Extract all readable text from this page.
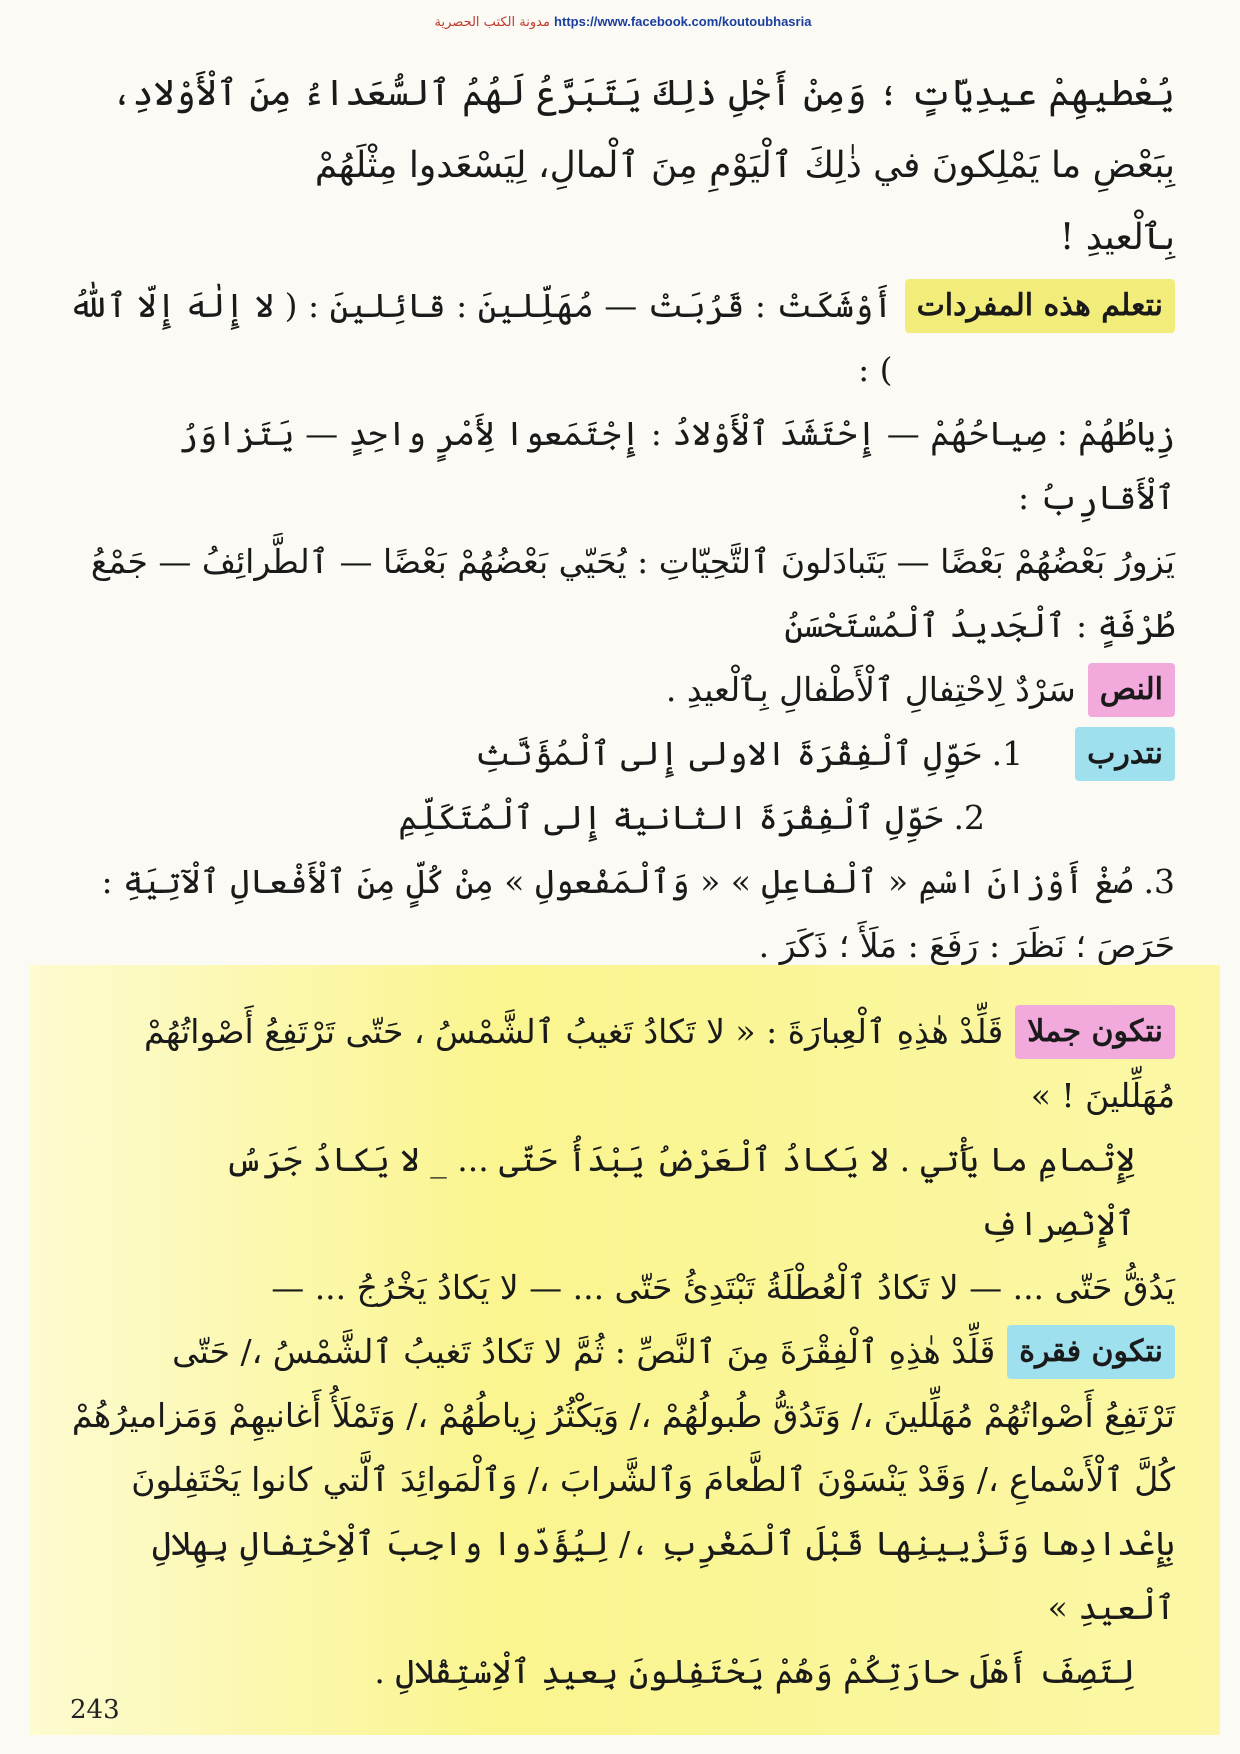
https://www.facebook.com/koutoubhasria مدونة الكتب الحصرية

يُعْطيهِمْ عيدِيّاتٍ ؛ وَمِنْ أَجْلِ ذٰلِكَ يَتَبَرَّعُ لَهُمُ ٱلسُّعَداءُ مِنَ ٱلْأَوْلادِ،

بِبَعْضِ ما يَمْلِكونَ في ذٰلِكَ ٱلْيَوْمِ مِنَ ٱلْمالِ، لِيَسْعَدوا مِثْلَهُمْ

بِٱلْعيدِ !

نتعلم هذه المفردات
أَوْشَكَتْ : قَرُبَتْ — مُهَلِّلينَ : قائِلينَ : ( لا إِلٰهَ إِلّا ٱللّٰهُ ) :

زِياطُهُمْ : صِياحُهُمْ — إِحْتَشَدَ ٱلْأَوْلادُ : إِجْتَمَعوا لِأَمْرٍ واحِدٍ — يَتَزاوَرُ ٱلْأَقارِبُ :

يَزورُ بَعْضُهُمْ بَعْضًا — يَتَبادَلونَ ٱلتَّحِيّاتِ : يُحَيّي بَعْضُهُمْ بَعْضًا — ٱلطَّرائِفُ — جَمْعُ

طُرْفَةٍ : ٱلْجَديدُ ٱلْمُسْتَحْسَنُ

النص
سَرْدٌ لِاحْتِفالِ ٱلْأَطْفالِ بِٱلْعيدِ .
نتدرب
1. حَوِّلِ ٱلْفِقْرَةَ الاولى إِلى ٱلْمُؤَنَّثِ

2. حَوِّلِ ٱلْفِقْرَةَ الثانية إِلى ٱلْمُتَكَلِّمِ

3. صُغْ أَوْزانَ اسْمِ « ٱلْفاعِلِ » « وَٱلْمَفْعولِ » مِنْ كُلٍّ مِنَ ٱلْأَفْعالِ ٱلْآتِيَةِ :

حَرَصَ ؛ نَظَرَ : رَفَعَ : مَلَأَ ؛ ذَكَرَ .

نتكون جملا
قَلِّدْ هٰذِهِ ٱلْعِبارَةَ : « لا تَكادُ تَغيبُ ٱلشَّمْسُ ، حَتّى تَرْتَفِعُ أَصْواتُهُمْ

مُهَلِّلينَ ! »

لِإِتْمامِ ما يَأْتي . لا يَكادُ ٱلْعَرْضُ يَبْدَأُ حَتّى ... _ لا يَكادُ جَرَسُ ٱلْإِنْصِرافِ

يَدُقُّ حَتّى ... — لا تَكادُ ٱلْعُطْلَةُ تَبْتَدِئُ حَتّى ... — لا يَكادُ يَخْرُجُ ... —

نتكون فقرة
قَلِّدْ هٰذِهِ ٱلْفِقْرَةَ مِنَ ٱلنَّصِّ : ثُمَّ لا تَكادُ تَغيبُ ٱلشَّمْسُ ،/ حَتّى

تَرْتَفِعُ أَصْواتُهُمْ مُهَلِّلينَ ،/ وَتَدُقُّ طُبولُهُمْ ،/ وَيَكْثُرُ زِياطُهُمْ ،/ وَتَمْلَأُ أَغانيهِمْ وَمَزاميرُهُمْ

كُلَّ ٱلْأَسْماعِ ،/ وَقَدْ يَنْسَوْنَ ٱلطَّعامَ وَٱلشَّرابَ ،/ وَٱلْمَوائِدَ ٱلَّتي كانوا يَحْتَفِلونَ

بِإِعْدادِها وَتَزْيينِها قَبْلَ ٱلْمَغْرِبِ ،/ لِيُؤَدّوا واجِبَ ٱلْاِحْتِفالِ بِهِلالِ ٱلْعيدِ »

لِتَصِفَ أَهْلَ حارَتِكُمْ وَهُمْ يَحْتَفِلونَ بِعيدِ ٱلْاِسْتِقْلالِ .

243
